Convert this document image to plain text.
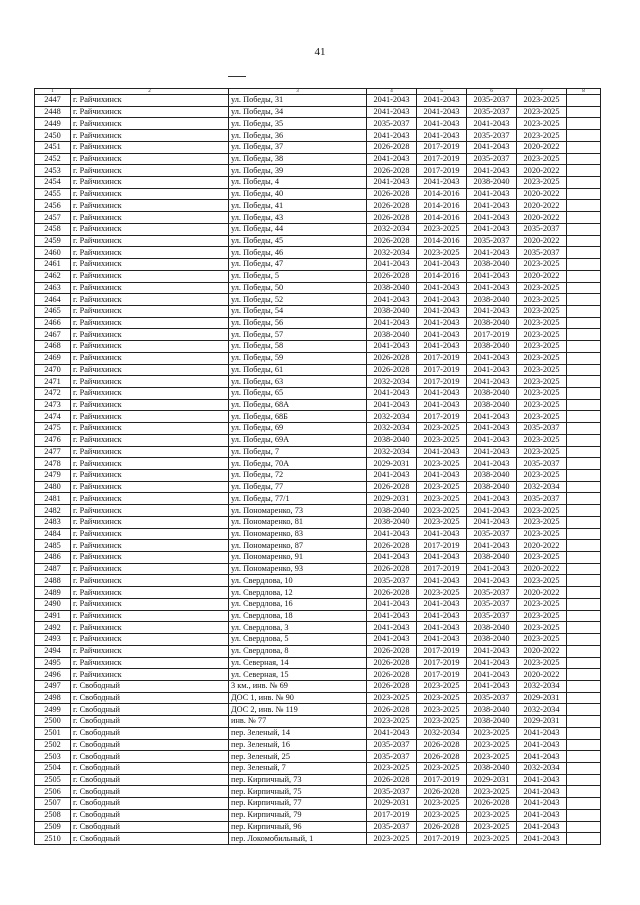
41
1	2	3	4	5	6	7	8
2447	г. Райчихинск	ул. Победы, 31	2041-2043	2041-2043	2035-2037	2023-2025	
2448	г. Райчихинск	ул. Победы, 34	2041-2043	2041-2043	2035-2037	2023-2025	
2449	г. Райчихинск	ул. Победы, 35	2035-2037	2041-2043	2041-2043	2023-2025	
2450	г. Райчихинск	ул. Победы, 36	2041-2043	2041-2043	2035-2037	2023-2025	
2451	г. Райчихинск	ул. Победы, 37	2026-2028	2017-2019	2041-2043	2020-2022	
2452	г. Райчихинск	ул. Победы, 38	2041-2043	2017-2019	2035-2037	2023-2025	
2453	г. Райчихинск	ул. Победы, 39	2026-2028	2017-2019	2041-2043	2020-2022	
2454	г. Райчихинск	ул. Победы, 4	2041-2043	2041-2043	2038-2040	2023-2025	
2455	г. Райчихинск	ул. Победы, 40	2026-2028	2014-2016	2041-2043	2020-2022	
2456	г. Райчихинск	ул. Победы, 41	2026-2028	2014-2016	2041-2043	2020-2022	
2457	г. Райчихинск	ул. Победы, 43	2026-2028	2014-2016	2041-2043	2020-2022	
2458	г. Райчихинск	ул. Победы, 44	2032-2034	2023-2025	2041-2043	2035-2037	
2459	г. Райчихинск	ул. Победы, 45	2026-2028	2014-2016	2035-2037	2020-2022	
2460	г. Райчихинск	ул. Победы, 46	2032-2034	2023-2025	2041-2043	2035-2037	
2461	г. Райчихинск	ул. Победы, 47	2041-2043	2041-2043	2038-2040	2023-2025	
2462	г. Райчихинск	ул. Победы, 5	2026-2028	2014-2016	2041-2043	2020-2022	
2463	г. Райчихинск	ул. Победы, 50	2038-2040	2041-2043	2041-2043	2023-2025	
2464	г. Райчихинск	ул. Победы, 52	2041-2043	2041-2043	2038-2040	2023-2025	
2465	г. Райчихинск	ул. Победы, 54	2038-2040	2041-2043	2041-2043	2023-2025	
2466	г. Райчихинск	ул. Победы, 56	2041-2043	2041-2043	2038-2040	2023-2025	
2467	г. Райчихинск	ул. Победы, 57	2038-2040	2041-2043	2017-2019	2023-2025	
2468	г. Райчихинск	ул. Победы, 58	2041-2043	2041-2043	2038-2040	2023-2025	
2469	г. Райчихинск	ул. Победы, 59	2026-2028	2017-2019	2041-2043	2023-2025	
2470	г. Райчихинск	ул. Победы, 61	2026-2028	2017-2019	2041-2043	2023-2025	
2471	г. Райчихинск	ул. Победы, 63	2032-2034	2017-2019	2041-2043	2023-2025	
2472	г. Райчихинск	ул. Победы, 65	2041-2043	2041-2043	2038-2040	2023-2025	
2473	г. Райчихинск	ул. Победы, 68А	2041-2043	2041-2043	2038-2040	2023-2025	
2474	г. Райчихинск	ул. Победы, 68Б	2032-2034	2017-2019	2041-2043	2023-2025	
2475	г. Райчихинск	ул. Победы, 69	2032-2034	2023-2025	2041-2043	2035-2037	
2476	г. Райчихинск	ул. Победы, 69А	2038-2040	2023-2025	2041-2043	2023-2025	
2477	г. Райчихинск	ул. Победы, 7	2032-2034	2041-2043	2041-2043	2023-2025	
2478	г. Райчихинск	ул. Победы, 70А	2029-2031	2023-2025	2041-2043	2035-2037	
2479	г. Райчихинск	ул. Победы, 72	2041-2043	2041-2043	2038-2040	2023-2025	
2480	г. Райчихинск	ул. Победы, 77	2026-2028	2023-2025	2038-2040	2032-2034	
2481	г. Райчихинск	ул. Победы, 77/1	2029-2031	2023-2025	2041-2043	2035-2037	
2482	г. Райчихинск	ул. Пономаренко, 73	2038-2040	2023-2025	2041-2043	2023-2025	
2483	г. Райчихинск	ул. Пономаренко, 81	2038-2040	2023-2025	2041-2043	2023-2025	
2484	г. Райчихинск	ул. Пономаренко, 83	2041-2043	2041-2043	2035-2037	2023-2025	
2485	г. Райчихинск	ул. Пономаренко, 87	2026-2028	2017-2019	2041-2043	2020-2022	
2486	г. Райчихинск	ул. Пономаренко, 91	2041-2043	2041-2043	2038-2040	2023-2025	
2487	г. Райчихинск	ул. Пономаренко, 93	2026-2028	2017-2019	2041-2043	2020-2022	
2488	г. Райчихинск	ул. Свердлова, 10	2035-2037	2041-2043	2041-2043	2023-2025	
2489	г. Райчихинск	ул. Свердлова, 12	2026-2028	2023-2025	2035-2037	2020-2022	
2490	г. Райчихинск	ул. Свердлова, 16	2041-2043	2041-2043	2035-2037	2023-2025	
2491	г. Райчихинск	ул. Свердлова, 18	2041-2043	2041-2043	2035-2037	2023-2025	
2492	г. Райчихинск	ул. Свердлова, 3	2041-2043	2041-2043	2038-2040	2023-2025	
2493	г. Райчихинск	ул. Свердлова, 5	2041-2043	2041-2043	2038-2040	2023-2025	
2494	г. Райчихинск	ул. Свердлова, 8	2026-2028	2017-2019	2041-2043	2020-2022	
2495	г. Райчихинск	ул. Северная, 14	2026-2028	2017-2019	2041-2043	2023-2025	
2496	г. Райчихинск	ул. Северная, 15	2026-2028	2017-2019	2041-2043	2020-2022	
2497	г. Свободный	3 км., инв. № 69	2026-2028	2023-2025	2041-2043	2032-2034	
2498	г. Свободный	ДОС 1, инв. № 90	2023-2025	2023-2025	2035-2037	2029-2031	
2499	г. Свободный	ДОС 2, инв. № 119	2026-2028	2023-2025	2038-2040	2032-2034	
2500	г. Свободный	инв. № 77	2023-2025	2023-2025	2038-2040	2029-2031	
2501	г. Свободный	пер. Зеленый, 14	2041-2043	2032-2034	2023-2025	2041-2043	
2502	г. Свободный	пер. Зеленый, 16	2035-2037	2026-2028	2023-2025	2041-2043	
2503	г. Свободный	пер. Зеленый, 25	2035-2037	2026-2028	2023-2025	2041-2043	
2504	г. Свободный	пер. Зеленый, 7	2023-2025	2023-2025	2038-2040	2032-2034	
2505	г. Свободный	пер. Кирпичный, 73	2026-2028	2017-2019	2029-2031	2041-2043	
2506	г. Свободный	пер. Кирпичный, 75	2035-2037	2026-2028	2023-2025	2041-2043	
2507	г. Свободный	пер. Кирпичный, 77	2029-2031	2023-2025	2026-2028	2041-2043	
2508	г. Свободный	пер. Кирпичный, 79	2017-2019	2023-2025	2023-2025	2041-2043	
2509	г. Свободный	пер. Кирпичный, 96	2035-2037	2026-2028	2023-2025	2041-2043	
2510	г. Свободный	пер. Локомобильный, 1	2023-2025	2017-2019	2023-2025	2041-2043	
